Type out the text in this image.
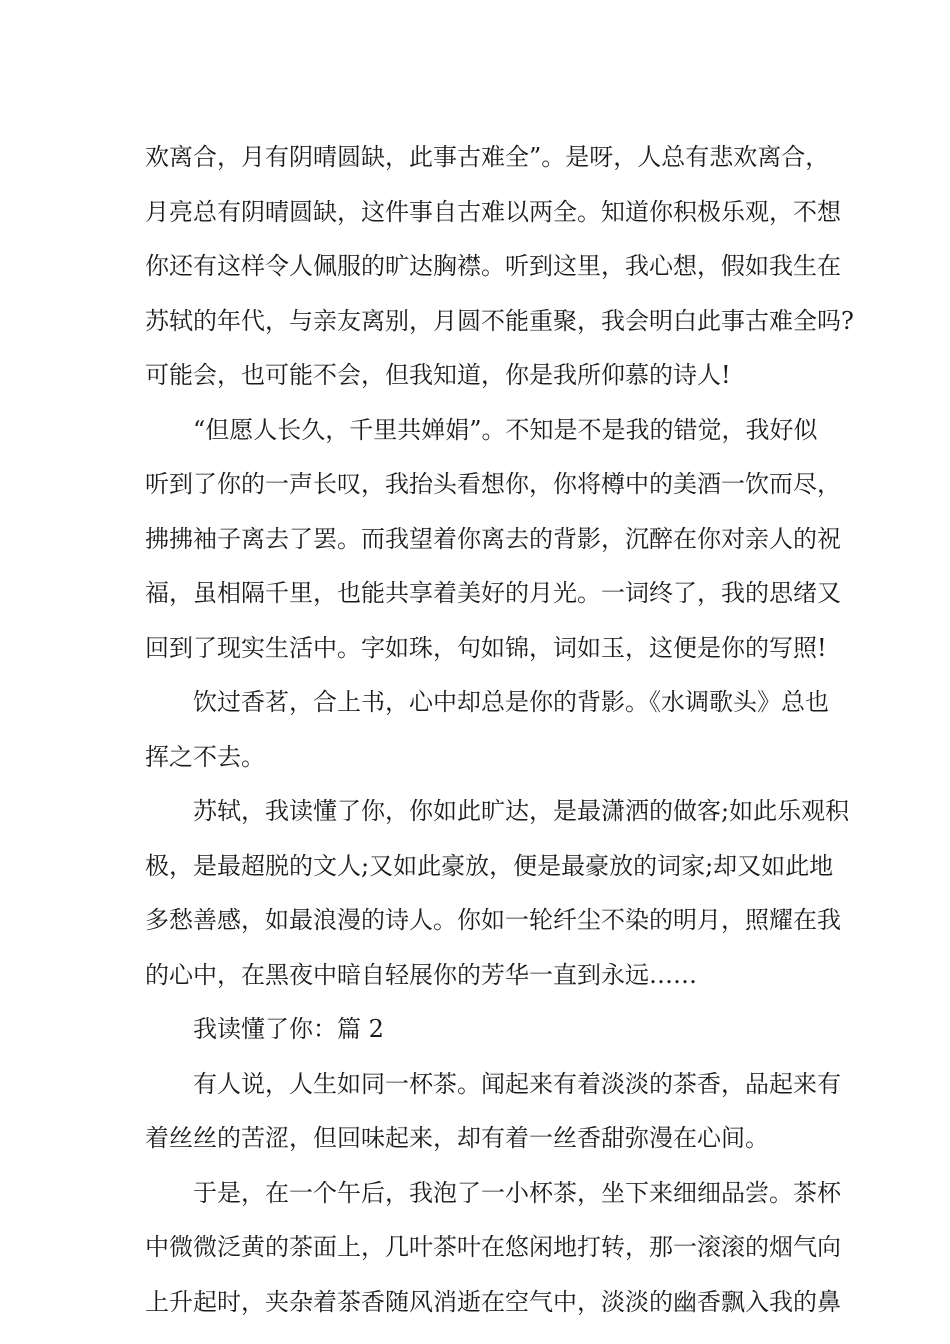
欢离合，月有阴晴圆缺，此事古难全”。是呀，人总有悲欢离合，
月亮总有阴晴圆缺，这件事自古难以两全。知道你积极乐观，不想
你还有这样令人佩服的旷达胸襟。听到这里，我心想，假如我生在
苏轼的年代，与亲友离别，月圆不能重聚，我会明白此事古难全吗?
可能会，也可能不会，但我知道，你是我所仰慕的诗人!
“但愿人长久，千里共婵娟”。不知是不是我的错觉，我好似
听到了你的一声长叹，我抬头看想你，你将樽中的美酒一饮而尽，
拂拂袖子离去了罢。而我望着你离去的背影，沉醉在你对亲人的祝
福，虽相隔千里，也能共享着美好的月光。一词终了，我的思绪又
回到了现实生活中。字如珠，句如锦，词如玉，这便是你的写照!
饮过香茗，合上书，心中却总是你的背影。《水调歌头》总也
挥之不去。
苏轼，我读懂了你，你如此旷达，是最潇洒的做客;如此乐观积
极，是最超脱的文人;又如此豪放，便是最豪放的词家;却又如此地
多愁善感，如最浪漫的诗人。你如一轮纤尘不染的明月，照耀在我
的心中，在黑夜中暗自轻展你的芳华一直到永远……
我读懂了你：篇 2
有人说，人生如同一杯茶。闻起来有着淡淡的茶香，品起来有
着丝丝的苦涩，但回味起来，却有着一丝香甜弥漫在心间。
于是，在一个午后，我泡了一小杯茶，坐下来细细品尝。茶杯
中微微泛黄的茶面上，几叶茶叶在悠闲地打转，那一滚滚的烟气向
上升起时，夹杂着茶香随风消逝在空气中，淡淡的幽香飘入我的鼻
